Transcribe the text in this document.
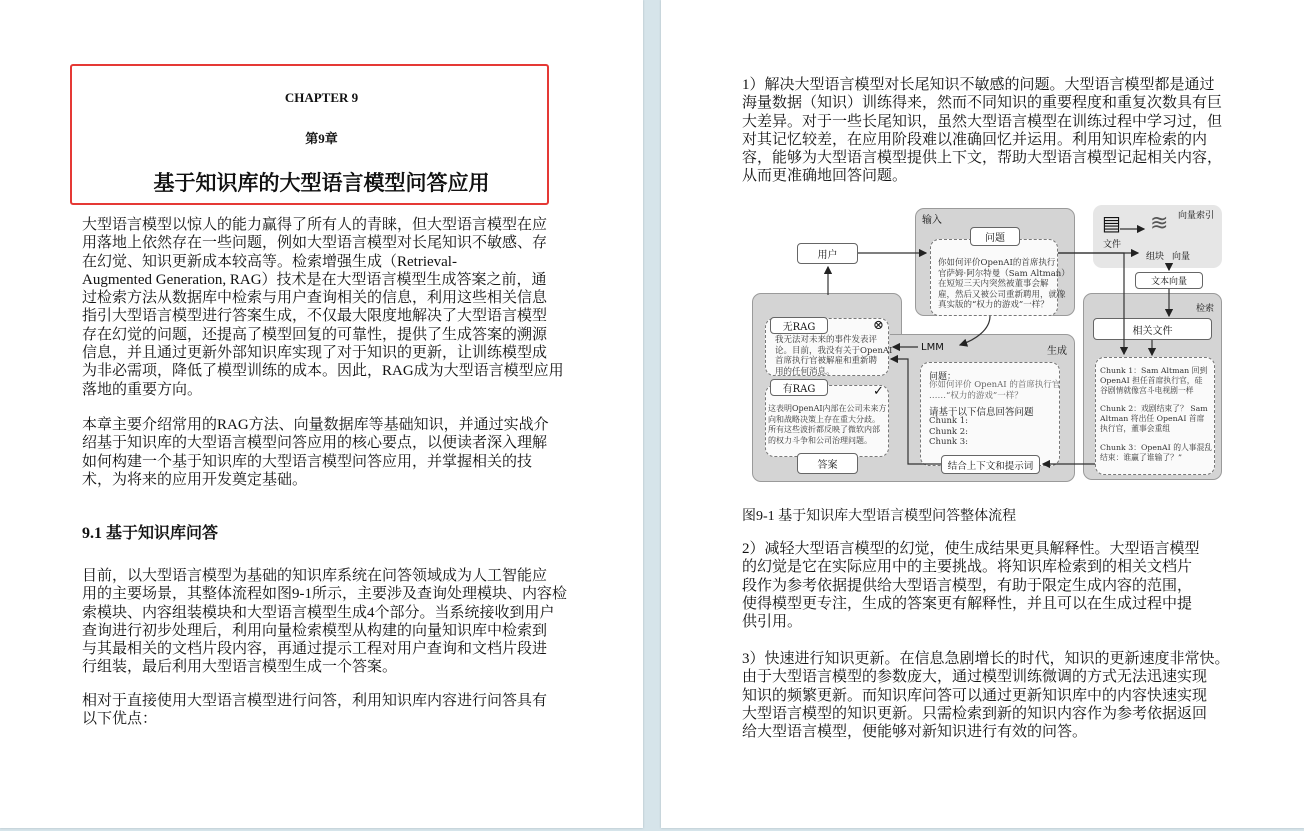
CHAPTER 9
第9章
基于知识库的大型语言模型问答应用
大型语言模型以惊人的能力赢得了所有人的青睐，但大型语言模型在应
用落地上依然存在一些问题，例如大型语言模型对长尾知识不敏感、存
在幻觉、知识更新成本较高等。检索增强生成（Retrieval-
Augmented Generation, RAG）技术是在大型语言模型生成答案之前，通
过检索方法从数据库中检索与用户查询相关的信息，利用这些相关信息
指引大型语言模型进行答案生成，不仅最大限度地解决了大型语言模型
存在幻觉的问题，还提高了模型回复的可靠性，提供了生成答案的溯源
信息，并且通过更新外部知识库实现了对于知识的更新，让训练模型成
为非必需项，降低了模型训练的成本。因此，RAG成为大型语言模型应用
落地的重要方向。
本章主要介绍常用的RAG方法、向量数据库等基础知识，并通过实战介
绍基于知识库的大型语言模型问答应用的核心要点，以便读者深入理解
如何构建一个基于知识库的大型语言模型问答应用，并掌握相关的技
术，为将来的应用开发奠定基础。
9.1 基于知识库问答
目前，以大型语言模型为基础的知识库系统在问答领域成为人工智能应
用的主要场景，其整体流程如图9-1所示，主要涉及查询处理模块、内容检
索模块、内容组装模块和大型语言模型生成4个部分。当系统接收到用户
查询进行初步处理后，利用向量检索模型从构建的向量知识库中检索到
与其最相关的文档片段内容，再通过提示工程对用户查询和文档片段进
行组装，最后利用大型语言模型生成一个答案。
相对于直接使用大型语言模型进行问答，利用知识库内容进行问答具有
以下优点：
1）解决大型语言模型对长尾知识不敏感的问题。大型语言模型都是通过
海量数据（知识）训练得来，然而不同知识的重要程度和重复次数具有巨
大差异。对于一些长尾知识，虽然大型语言模型在训练过程中学习过，但
对其记忆较差，在应用阶段难以准确回忆并运用。利用知识库检索的内
容，能够为大型语言模型提供上下文，帮助大型语言模型记起相关内容，
从而更准确地回答问题。
图9-1 基于知识库大型语言模型问答整体流程
2）减轻大型语言模型的幻觉，使生成结果更具解释性。大型语言模型
的幻觉是它在实际应用中的主要挑战。将知识库检索到的相关文档片
段作为参考依据提供给大型语言模型，有助于限定生成内容的范围，
使得模型更专注，生成的答案更有解释性，并且可以在生成过程中提
供引用。
3）快速进行知识更新。在信息急剧增长的时代，知识的更新速度非常快。
由于大型语言模型的参数庞大，通过模型训练微调的方式无法迅速实现
知识的频繁更新。而知识库问答可以通过更新知识库中的内容快速实现
大型语言模型的知识更新。只需检索到新的知识内容作为参考依据返回
给大型语言模型，便能够对新知识进行有效的问答。
输入
问题
你如何评价OpenAI的首席执行
官萨姆·阿尔特曼（Sam Altman）
在短短三天内突然被董事会解
雇，然后又被公司重新聘用，就像
真实版的“权力的游戏”一样？
用户
无RAG	⊗
我无法对未来的事件发表评
论。目前，我没有关于OpenAI
首席执行官被解雇和重新聘
用的任何消息。
有RAG	✓
这表明OpenAI内部在公司未来方
向和战略决策上存在重大分歧。
所有这些波折都反映了微软内部
的权力斗争和公司治理问题。
答案
LMM	生成
问题：
你如何评价 OpenAI 的首席执行官
……“权力的游戏”一样？
请基于以下信息回答问题
Chunk 1:
Chunk 2:
Chunk 3:
结合上下文和提示词
向量索引
▤
文件
≋
组块 向量
文本向量
检索
相关文件
Chunk 1：Sam Altman 回到
OpenAI 担任首席执行官，硅
谷剧情就像宫斗电视剧一样
Chunk 2：戏剧结束了？ Sam
Altman 将出任 OpenAI 首席
执行官，董事会重组
Chunk 3：OpenAI 的人事混乱
结束：谁赢了谁输了？”
